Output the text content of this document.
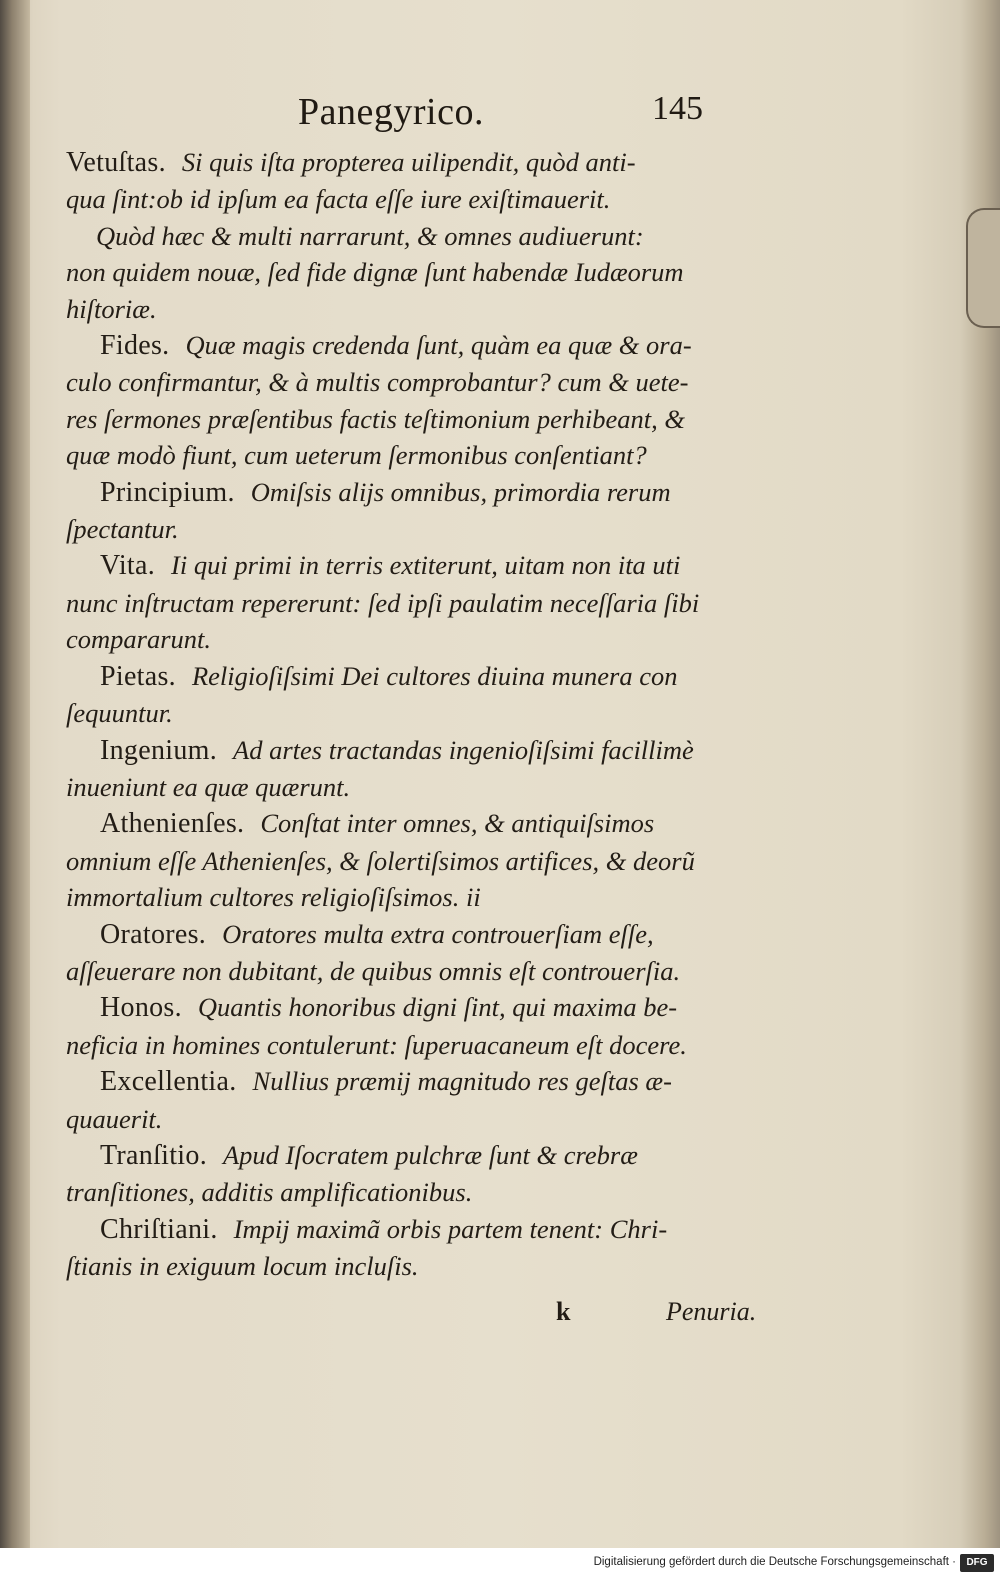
Panegyrico.	145

Vetuſtas. Si quis iſta propterea uilipendit, quòd anti-

qua ſint:ob id ipſum ea facta eſſe iure exiſtimauerit.

Quòd hæc & multi narrarunt, & omnes audiuerunt:

non quidem nouæ, ſed fide dignæ ſunt habendæ Iudæorum

hiſtoriæ.

Fides. Quæ magis credenda ſunt, quàm ea quæ & ora-

culo confirmantur, & à multis comprobantur? cum & uete-

res ſermones præſentibus factis teſtimonium perhibeant, &

quæ modò fiunt, cum ueterum ſermonibus conſentiant?

Principium. Omiſsis alijs omnibus, primordia rerum

ſpectantur.

Vita. Ii qui primi in terris extiterunt, uitam non ita uti

nunc inſtructam repererunt: ſed ipſi paulatim neceſſaria ſibi

compararunt.

Pietas. Religioſiſsimi Dei cultores diuina munera con

ſequuntur.

Ingenium. Ad artes tractandas ingenioſiſsimi facillimè

inueniunt ea quæ quærunt.

Athenienſes. Conſtat inter omnes, & antiquiſsimos

omnium eſſe Athenienſes, & ſolertiſsimos artifices, & deorũ

immortalium cultores religioſiſsimos. ii

Oratores. Oratores multa extra controuerſiam eſſe,

aſſeuerare non dubitant, de quibus omnis eſt controuerſia.

Honos. Quantis honoribus digni ſint, qui maxima be-

neficia in homines contulerunt: ſuperuacaneum eſt docere.

Excellentia. Nullius præmij magnitudo res geſtas æ-

quauerit.

Tranſitio. Apud Iſocratem pulchræ ſunt & crebræ

tranſitiones, additis amplificationibus.

Chriſtiani. Impij maximã orbis partem tenent: Chri-

ſtianis in exiguum locum incluſis.

k	Penuria.
Digitalisierung gefördert durch die Deutsche Forschungsgemeinschaft ·	DFG
